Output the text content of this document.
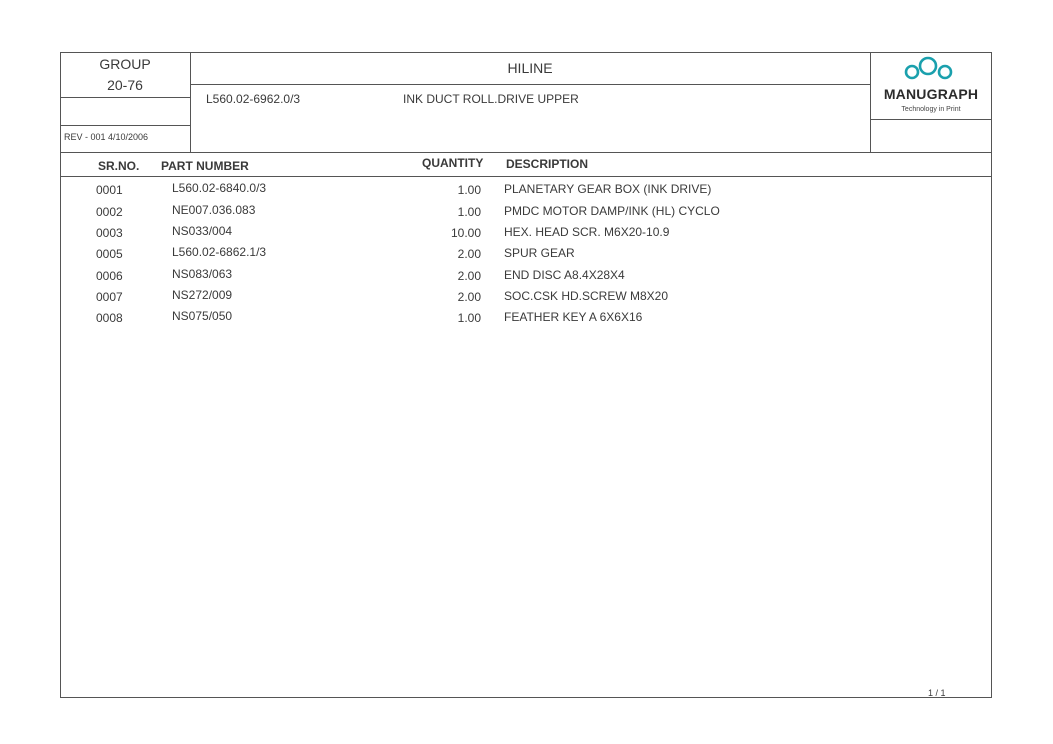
GROUP
20-76
HILINE
L560.02-6962.0/3	INK DUCT ROLL.DRIVE UPPER
REV - 001 4/10/2006
MANUGRAPH
Technology in Print
SR.NO. PART NUMBER	QUANTITY DESCRIPTION
0001	L560.02-6840.0/3	1.00 PLANETARY GEAR BOX (INK DRIVE)
0002	NE007.036.083	1.00 PMDC MOTOR DAMP/INK (HL) CYCLO
0003	NS033/004	10.00 HEX. HEAD SCR. M6X20-10.9
0005	L560.02-6862.1/3	2.00 SPUR GEAR
0006	NS083/063	2.00 END DISC A8.4X28X4
0007	NS272/009	2.00 SOC.CSK HD.SCREW M8X20
0008	NS075/050	1.00 FEATHER KEY A 6X6X16
1 / 1
